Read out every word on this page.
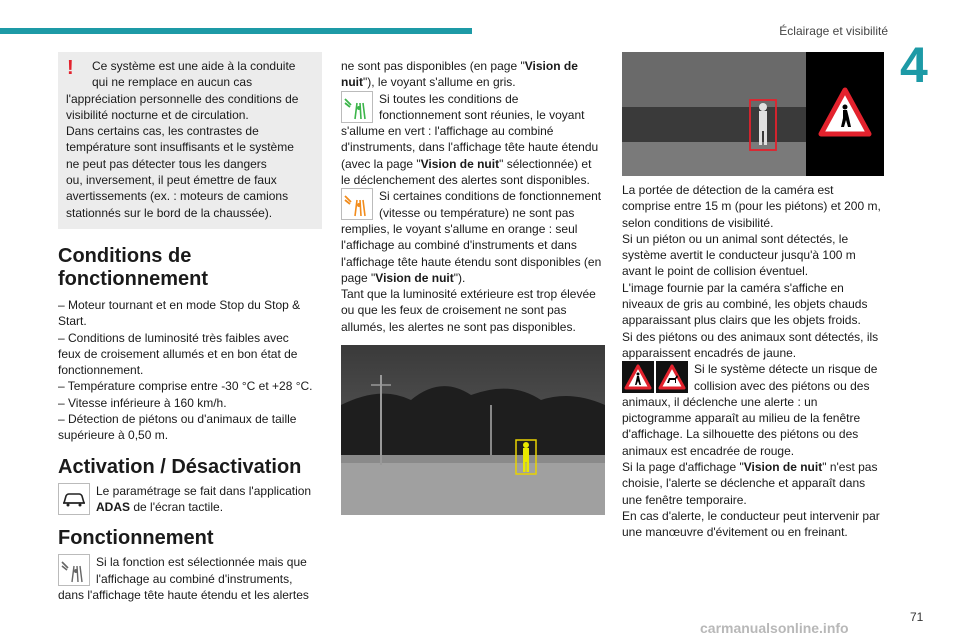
Éclairage et visibilité
4
!	Ce système est une aide à la conduite

qui ne remplace en aucun cas

l'appréciation personnelle des conditions de

visibilité nocturne et de circulation.

Dans certains cas, les contrastes de

température sont insuffisants et le système

ne peut pas détecter tous les dangers

ou, inversement, il peut émettre de faux

avertissements (ex. : moteurs de camions

stationnés sur le bord de la chaussée).

Conditions de
fonctionnement

– Moteur tournant et en mode Stop du Stop &

Start.

– Conditions de luminosité très faibles avec

feux de croisement allumés et en bon état de

fonctionnement.

– Température comprise entre -30 °C et +28 °C.

– Vitesse inférieure à 160 km/h.

– Détection de piétons ou d'animaux de taille

supérieure à 0,50 m.

Activation / Désactivation

Le paramétrage se fait dans l'application
ADAS de l'écran tactile.

Fonctionnement

Si la fonction est sélectionnée mais que

l'affichage au combiné d'instruments,

dans l'affichage tête haute étendu et les alertes

ne sont pas disponibles (en page "Vision de
nuit"), le voyant s'allume en gris.

Si toutes les conditions de

fonctionnement sont réunies, le voyant

s'allume en vert : l'affichage au combiné

d'instruments, dans l'affichage tête haute étendu

(avec la page "Vision de nuit" sélectionnée) et

le déclenchement des alertes sont disponibles.

Si certaines conditions de fonctionnement

(vitesse ou température) ne sont pas

remplies, le voyant s'allume en orange : seul

l'affichage au combiné d'instruments et dans

l'affichage tête haute étendu sont disponibles (en

page "Vision de nuit").

Tant que la luminosité extérieure est trop élevée

ou que les feux de croisement ne sont pas

allumés, les alertes ne sont pas disponibles.

La portée de détection de la caméra est

comprise entre 15 m (pour les piétons) et 200 m,

selon conditions de visibilité.

Si un piéton ou un animal sont détectés, le

système avertit le conducteur jusqu'à 100 m

avant le point de collision éventuel.

L'image fournie par la caméra s'affiche en

niveaux de gris au combiné, les objets chauds

apparaissant plus clairs que les objets froids.

Si des piétons ou des animaux sont détectés, ils

apparaissent encadrés de jaune.

Si le système détecte un risque de

collision avec des piétons ou des

animaux, il déclenche une alerte : un

pictogramme apparaît au milieu de la fenêtre

d'affichage. La silhouette des piétons ou des

animaux est encadrée de rouge.

Si la page d'affichage "Vision de nuit" n'est pas

choisie, l'alerte se déclenche et apparaît dans

une fenêtre temporaire.

En cas d'alerte, le conducteur peut intervenir par

une manœuvre d'évitement ou en freinant.

carmanualsonline.info
71
